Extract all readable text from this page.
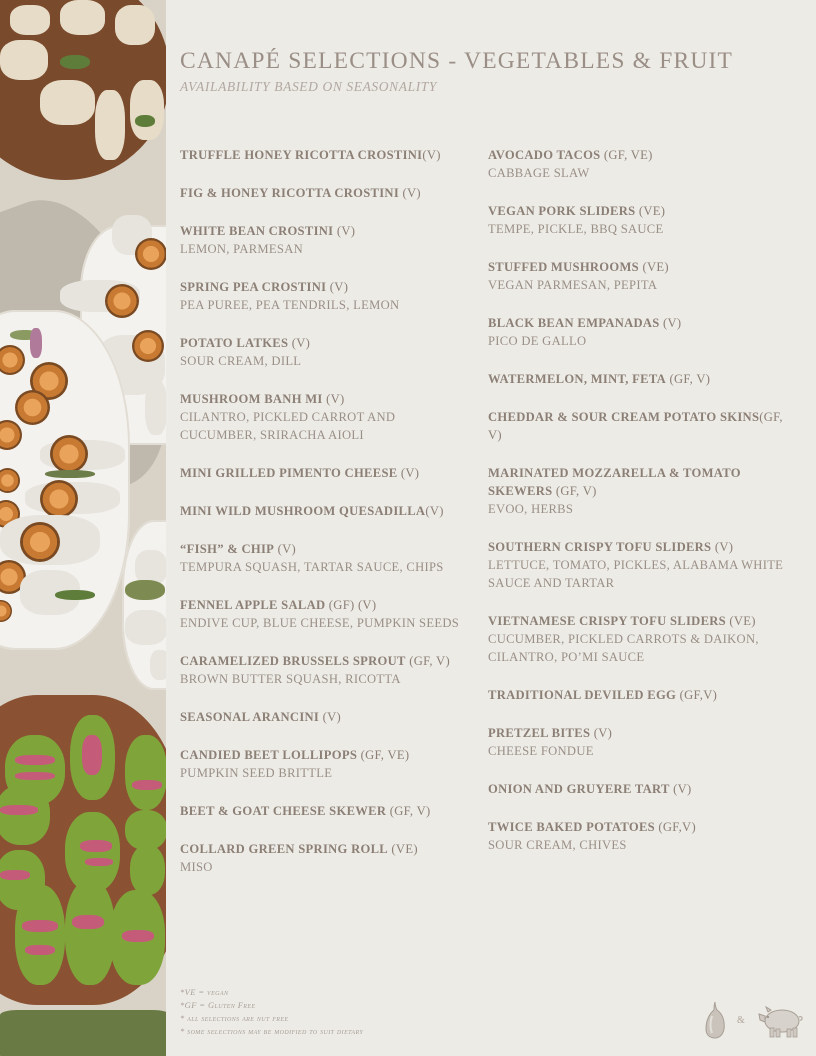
CANAPÉ SELECTIONS - VEGETABLES & FRUIT
AVAILABILITY BASED ON SEASONALITY
TRUFFLE HONEY RICOTTA CROSTINI(V)
FIG & HONEY RICOTTA CROSTINI (V)
WHITE BEAN CROSTINI (V)
LEMON, PARMESAN
SPRING PEA CROSTINI (V)
PEA PUREE, PEA TENDRILS, LEMON
POTATO LATKES (V)
SOUR CREAM, DILL
MUSHROOM BANH MI (V)
CILANTRO, PICKLED CARROT AND CUCUMBER, SRIRACHA AIOLI
MINI GRILLED PIMENTO CHEESE (V)
MINI WILD MUSHROOM QUESADILLA(V)
“FISH” & CHIP (V)
TEMPURA SQUASH, TARTAR SAUCE, CHIPS
FENNEL APPLE SALAD (GF) (V)
ENDIVE CUP, BLUE CHEESE, PUMPKIN SEEDS
CARAMELIZED BRUSSELS SPROUT (GF, V)
BROWN BUTTER SQUASH, RICOTTA
SEASONAL ARANCINI (V)
CANDIED BEET LOLLIPOPS (GF, VE)
PUMPKIN SEED BRITTLE
BEET & GOAT CHEESE SKEWER (GF, V)
COLLARD GREEN SPRING ROLL (VE)
MISO
AVOCADO TACOS (GF, VE)
CABBAGE SLAW
VEGAN PORK SLIDERS (VE)
TEMPE, PICKLE, BBQ SAUCE
STUFFED MUSHROOMS (VE)
VEGAN PARMESAN, PEPITA
BLACK BEAN EMPANADAS (V)
PICO DE GALLO
WATERMELON, MINT, FETA (GF, V)
CHEDDAR & SOUR CREAM POTATO SKINS(GF, V)
MARINATED MOZZARELLA & TOMATO SKEWERS (GF, V)
EVOO, HERBS
SOUTHERN CRISPY TOFU SLIDERS (V)
LETTUCE, TOMATO, PICKLES, ALABAMA WHITE SAUCE AND TARTAR
VIETNAMESE CRISPY TOFU SLIDERS (VE)
CUCUMBER, PICKLED CARROTS & DAIKON, CILANTRO, PO’MI SAUCE
TRADITIONAL DEVILED EGG (GF,V)
PRETZEL BITES (V)
CHEESE FONDUE
ONION AND GRUYERE TART (V)
TWICE BAKED POTATOES (GF,V)
SOUR CREAM, CHIVES
*VE = vegan
*GF = Gluten Free
* all selections are nut free
* some selections may be modified to suit dietary
&
